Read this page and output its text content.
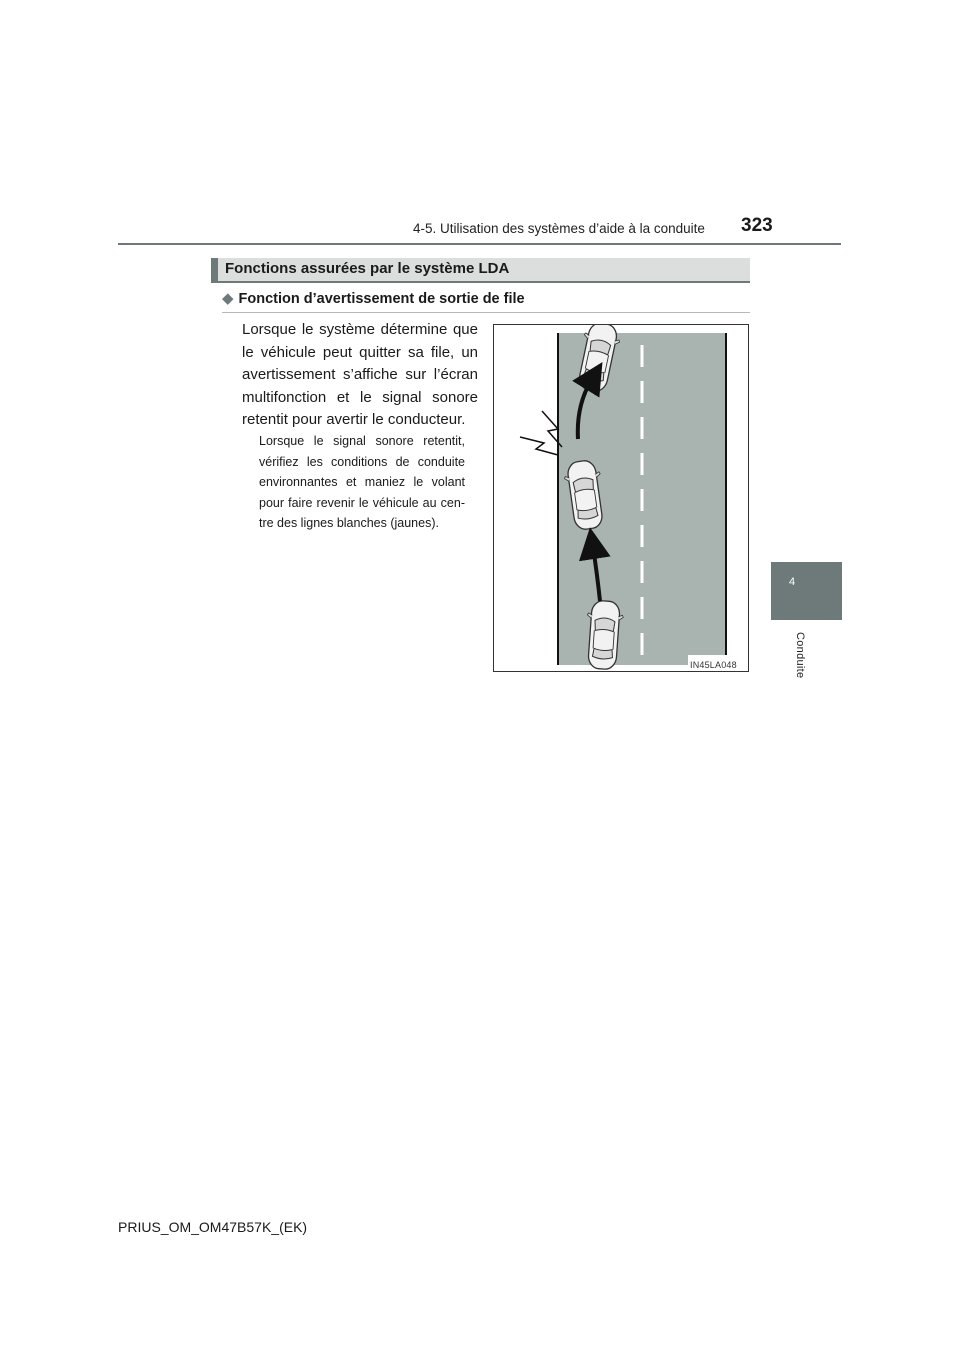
4-5. Utilisation des systèmes d’aide à la conduite 323
4
Conduite
Fonctions assurées par le système LDA
◆ Fonction d’avertissement de sortie de file
Lorsque le système détermine que le véhicule peut quitter sa file, un avertissement s’affiche sur l’écran multifonction et le signal sonore retentit pour avertir le conducteur.
Lorsque le signal sonore retentit, vérifiez les conditions de conduite environnantes et maniez le volant pour faire revenir le véhicule au cen-tre des lignes blanches (jaunes).
IN45LA048
PRIUS_OM_OM47B57K_(EK)
